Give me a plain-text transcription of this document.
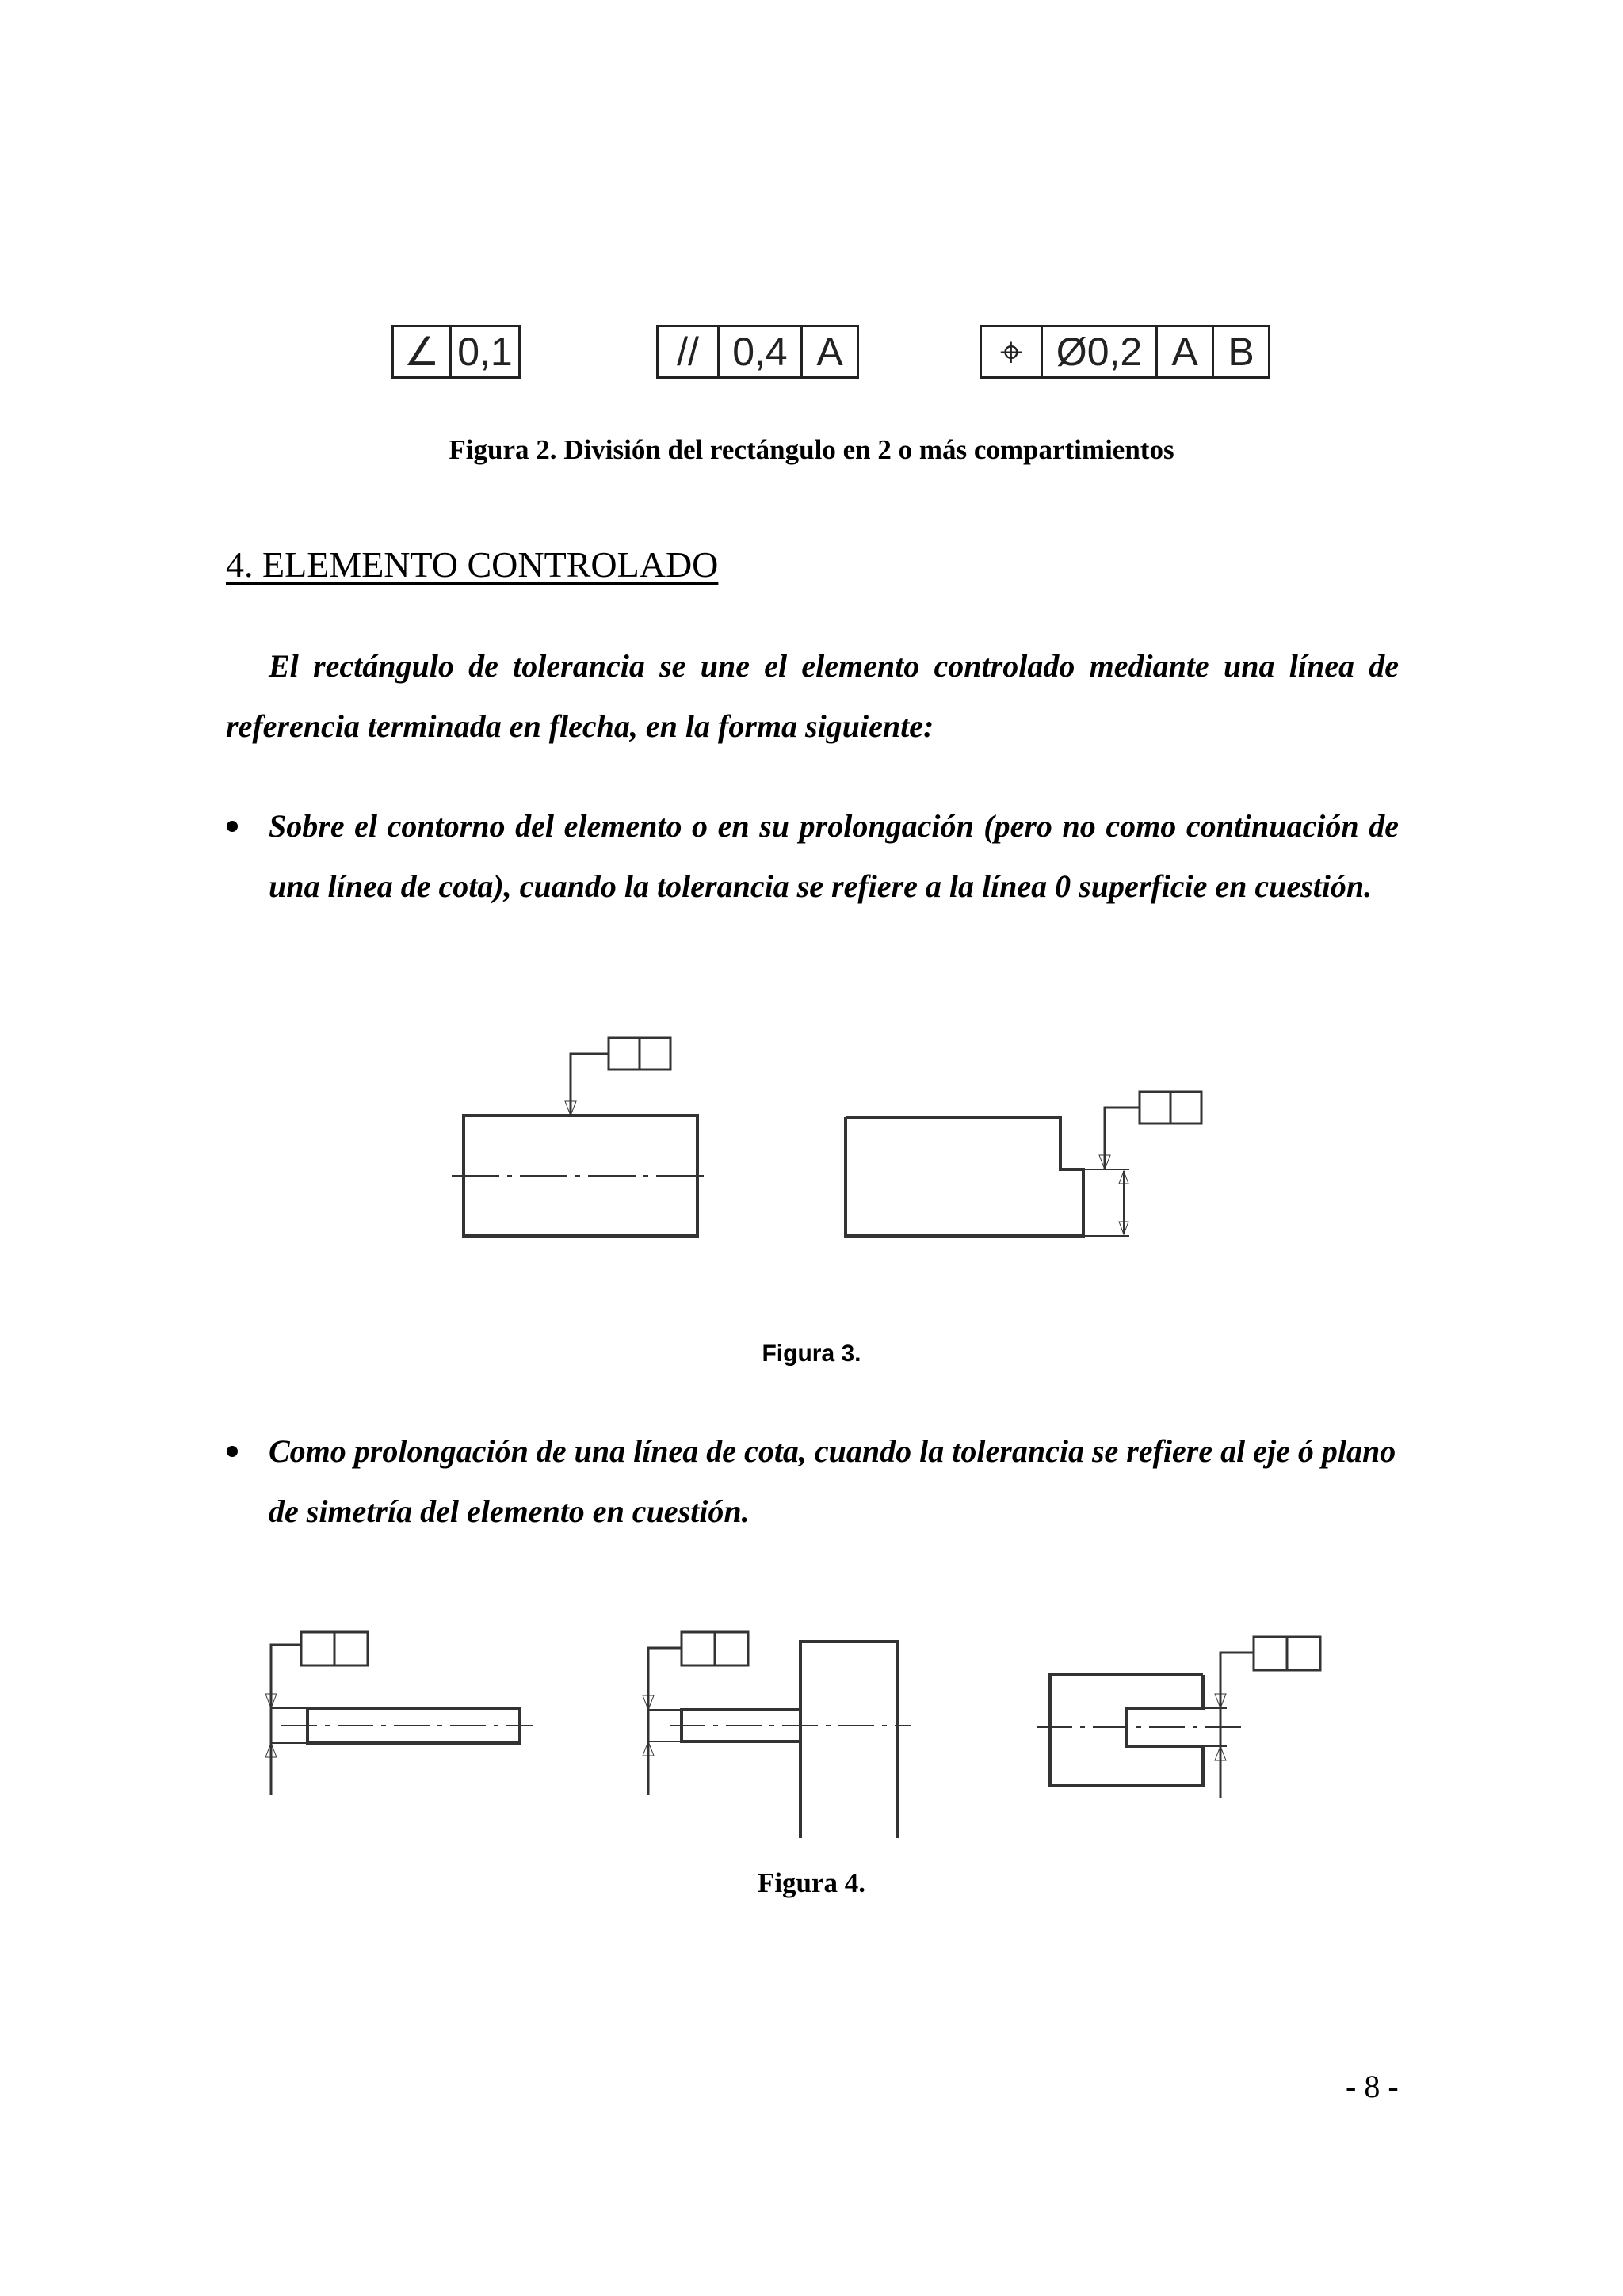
∠ 0,1	// 0,4 A	⌖ Ø0,2 A B
Figura 2. División del rectángulo en 2 o más compartimientos
4. ELEMENTO CONTROLADO
El rectángulo de tolerancia se une el elemento controlado mediante una línea de referencia terminada en flecha, en la forma siguiente:
Sobre el contorno del elemento o en su prolongación (pero no como continuación de una línea de cota), cuando la tolerancia se refiere a la línea 0 superficie en cuestión.
Figura 3.
Como prolongación de una línea de cota, cuando la tolerancia se refiere al eje ó plano de simetría del elemento en cuestión.
Figura 4.
- 8 -
